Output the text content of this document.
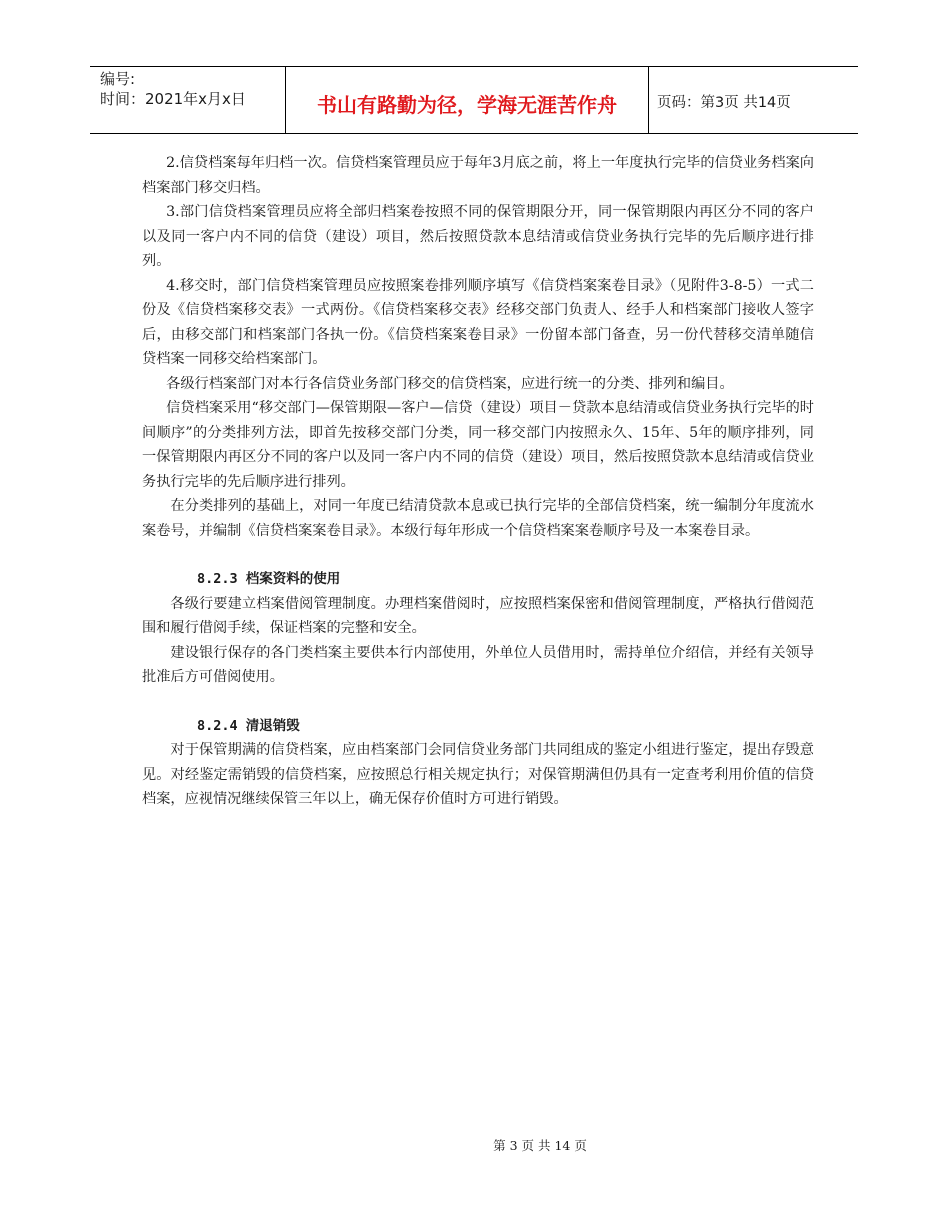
编号:
时间：2021年x月x日	书山有路勤为径，学海无涯苦作舟	页码：第3页 共14页

2.信贷档案每年归档一次。信贷档案管理员应于每年3月底之前，将上一年度执行完毕的信贷业务档案向档案部门移交归档。

3.部门信贷档案管理员应将全部归档案卷按照不同的保管期限分开，同一保管期限内再区分不同的客户以及同一客户内不同的信贷（建设）项目，然后按照贷款本息结清或信贷业务执行完毕的先后顺序进行排列。

4.移交时，部门信贷档案管理员应按照案卷排列顺序填写《信贷档案案卷目录》（见附件3-8-5）一式二份及《信贷档案移交表》一式两份。《信贷档案移交表》经移交部门负责人、经手人和档案部门接收人签字后，由移交部门和档案部门各执一份。《信贷档案案卷目录》一份留本部门备查，另一份代替移交清单随信贷档案一同移交给档案部门。

各级行档案部门对本行各信贷业务部门移交的信贷档案，应进行统一的分类、排列和编目。

信贷档案采用“移交部门—保管期限—客户—信贷（建设）项目－贷款本息结清或信贷业务执行完毕的时间顺序”的分类排列方法，即首先按移交部门分类，同一移交部门内按照永久、15年、5年的顺序排列，同一保管期限内再区分不同的客户以及同一客户内不同的信贷（建设）项目，然后按照贷款本息结清或信贷业务执行完毕的先后顺序进行排列。

在分类排列的基础上，对同一年度已结清贷款本息或已执行完毕的全部信贷档案，统一编制分年度流水案卷号，并编制《信贷档案案卷目录》。本级行每年形成一个信贷档案案卷顺序号及一本案卷目录。

8.2.3 档案资料的使用

各级行要建立档案借阅管理制度。办理档案借阅时，应按照档案保密和借阅管理制度，严格执行借阅范围和履行借阅手续，保证档案的完整和安全。

建设银行保存的各门类档案主要供本行内部使用，外单位人员借用时，需持单位介绍信，并经有关领导批准后方可借阅使用。

8.2.4 清退销毁

对于保管期满的信贷档案，应由档案部门会同信贷业务部门共同组成的鉴定小组进行鉴定，提出存毁意见。对经鉴定需销毁的信贷档案，应按照总行相关规定执行；对保管期满但仍具有一定查考利用价值的信贷档案，应视情况继续保管三年以上，确无保存价值时方可进行销毁。

第 3 页 共 14 页
